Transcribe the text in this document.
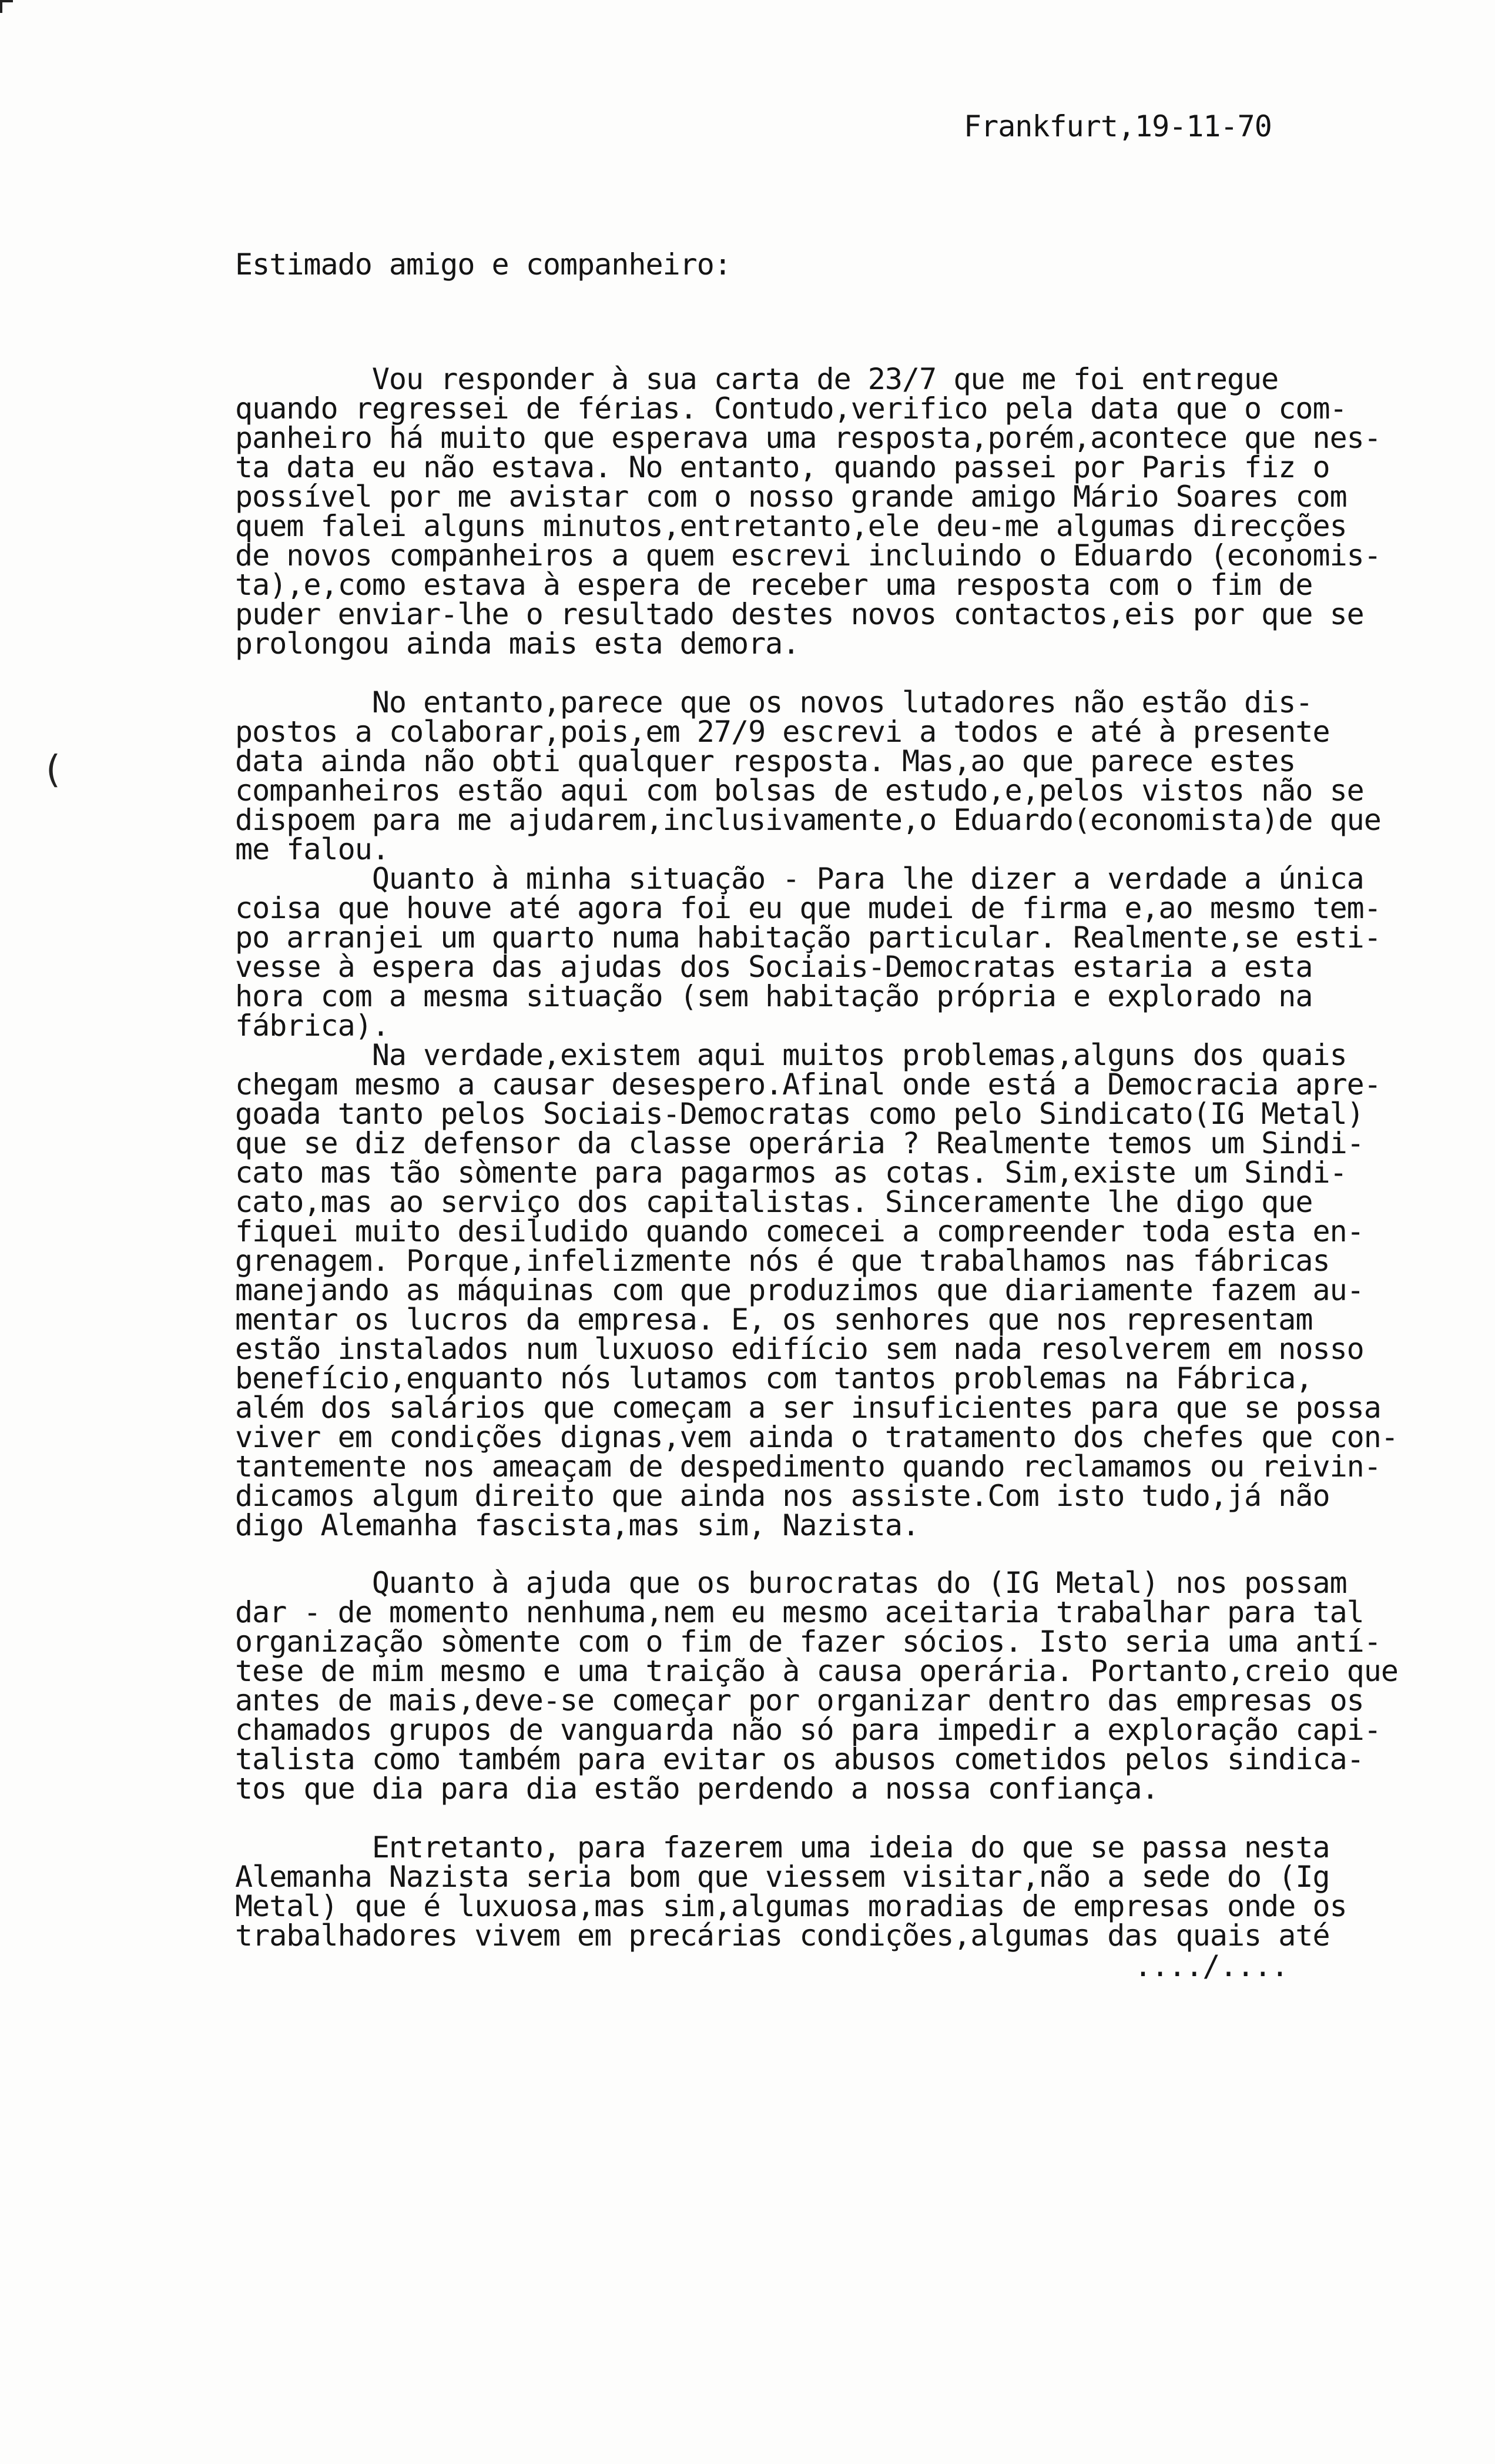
(
Frankfurt,19-11-70
Estimado amigo e companheiro:

Vou responder à sua carta de 23/7 que me foi entregue
quando regressei de férias. Contudo,verifico pela data que o com-
panheiro há muito que esperava uma resposta,porém,acontece que nes-
ta data eu não estava. No entanto, quando passei por Paris fiz o
possível por me avistar com o nosso grande amigo Mário Soares com
quem falei alguns minutos,entretanto,ele deu-me algumas direcções
de novos companheiros a quem escrevi incluindo o Eduardo (economis-
ta),e,como estava à espera de receber uma resposta com o fim de
puder enviar-lhe o resultado destes novos contactos,eis por que se
prolongou ainda mais esta demora.

No entanto,parece que os novos lutadores não estão dis-
postos a colaborar,pois,em 27/9 escrevi a todos e até à presente
data ainda não obti qualquer resposta. Mas,ao que parece estes
companheiros estão aqui com bolsas de estudo,e,pelos vistos não se
dispoem para me ajudarem,inclusivamente,o Eduardo(economista)de que
me falou.

Quanto à minha situação - Para lhe dizer a verdade a única
coisa que houve até agora foi eu que mudei de firma e,ao mesmo tem-
po arranjei um quarto numa habitação particular. Realmente,se esti-
vesse à espera das ajudas dos Sociais-Democratas estaria a esta
hora com a mesma situação (sem habitação própria e explorado na
fábrica).

Na verdade,existem aqui muitos problemas,alguns dos quais
chegam mesmo a causar desespero.Afinal onde está a Democracia apre-
goada tanto pelos Sociais-Democratas como pelo Sindicato(IG Metal)
que se diz defensor da classe operária ? Realmente temos um Sindi-
cato mas tão sòmente para pagarmos as cotas. Sim,existe um Sindi-
cato,mas ao serviço dos capitalistas. Sinceramente lhe digo que
fiquei muito desiludido quando comecei a compreender toda esta en-
grenagem. Porque,infelizmente nós é que trabalhamos nas fábricas
manejando as máquinas com que produzimos que diariamente fazem au-
mentar os lucros da empresa. E, os senhores que nos representam
estão instalados num luxuoso edifício sem nada resolverem em nosso
benefício,enquanto nós lutamos com tantos problemas na Fábrica,
além dos salários que começam a ser insuficientes para que se possa
viver em condições dignas,vem ainda o tratamento dos chefes que con-
tantemente nos ameaçam de despedimento quando reclamamos ou reivin-
dicamos algum direito que ainda nos assiste.Com isto tudo,já não
digo Alemanha fascista,mas sim, Nazista.

Quanto à ajuda que os burocratas do (IG Metal) nos possam
dar - de momento nenhuma,nem eu mesmo aceitaria trabalhar para tal
organização sòmente com o fim de fazer sócios. Isto seria uma antí-
tese de mim mesmo e uma traição à causa operária. Portanto,creio que
antes de mais,deve-se começar por organizar dentro das empresas os
chamados grupos de vanguarda não só para impedir a exploração capi-
talista como também para evitar os abusos cometidos pelos sindica-
tos que dia para dia estão perdendo a nossa confiança.

Entretanto, para fazerem uma ideia do que se passa nesta
Alemanha Nazista seria bom que viessem visitar,não a sede do (Ig
Metal) que é luxuosa,mas sim,algumas moradias de empresas onde os
trabalhadores vivem em precárias condições,algumas das quais até

..../....
